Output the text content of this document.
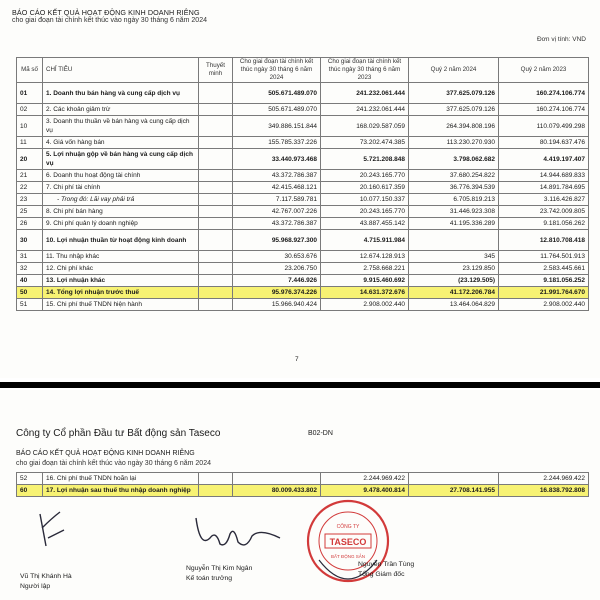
BÁO CÁO KẾT QUẢ HOẠT ĐỘNG KINH DOANH RIÊNG
cho giai đoạn tài chính kết thúc vào ngày 30 tháng 6 năm 2024
Đơn vị tính: VND
Mã số	CHỈ TIÊU	Thuyết minh	Cho giai đoạn tài chính kết thúc ngày 30 tháng 6 năm 2024	Cho giai đoạn tài chính kết thúc ngày 30 tháng 6 năm 2023	Quý 2 năm 2024	Quý 2 năm 2023
01	1. Doanh thu bán hàng và cung cấp dịch vụ		505.671.489.070	241.232.061.444	377.625.079.126	160.274.106.774
02	2. Các khoản giảm trừ		505.671.489.070	241.232.061.444	377.625.079.126	160.274.106.774
10	3. Doanh thu thuần về bán hàng và cung cấp dịch vụ		349.886.151.844	168.029.587.059	264.394.808.196	110.079.499.298
11	4. Giá vốn hàng bán		155.785.337.226	73.202.474.385	113.230.270.930	80.194.637.476
20	5. Lợi nhuận gộp về bán hàng và cung cấp dịch vụ		33.440.973.468	5.721.208.848	3.798.062.682	4.419.197.407
21	6. Doanh thu hoạt động tài chính		43.372.786.387	20.243.165.770	37.680.254.822	14.944.689.833
22	7. Chi phí tài chính		42.415.468.121	20.160.617.359	36.776.394.539	14.891.784.695
23	- Trong đó: Lãi vay phải trả		7.117.589.781	10.077.150.337	6.705.819.213	3.116.426.827
25	8. Chi phí bán hàng		42.767.007.226	20.243.165.770	31.446.923.308	23.742.009.805
26	9. Chi phí quản lý doanh nghiệp		43.372.786.387	43.887.455.142	41.195.336.289	9.181.056.262
30	10. Lợi nhuận thuần từ hoạt động kinh doanh		95.968.927.300	4.715.911.984		12.810.708.418
31	11. Thu nhập khác		30.653.676	12.674.128.913	345	11.764.501.913
32	12. Chi phí khác		23.206.750	2.758.668.221	23.129.850	2.583.445.661
40	13. Lợi nhuận khác		7.446.926	9.915.460.692	(23.129.505)	9.181.056.252
50	14. Tổng lợi nhuận trước thuế		95.976.374.226	14.631.372.676	41.172.206.784	21.991.764.670
51	15. Chi phí thuế TNDN hiện hành		15.966.940.424	2.908.002.440	13.464.064.829	2.908.002.440
7
Công ty Cổ phần Đầu tư Bất động sản Taseco	B02-DN
BÁO CÁO KẾT QUẢ HOẠT ĐỘNG KINH DOANH RIÊNG
cho giai đoạn tài chính kết thúc vào ngày 30 tháng 6 năm 2024
52	16. Chi phí thuế TNDN hoãn lại			2.244.969.422		2.244.969.422
60	17. Lợi nhuận sau thuế thu nhập doanh nghiệp		80.009.433.802	9.478.400.814	27.708.141.955	16.838.792.808
Vũ Thị Khánh Hà
Người lập
Nguyễn Thị Kim Ngân
Kế toán trưởng
TASECO
CÔNG TY
BẤT ĐỘNG SẢN
Nguyễn Trần Tùng
Tổng Giám đốc
